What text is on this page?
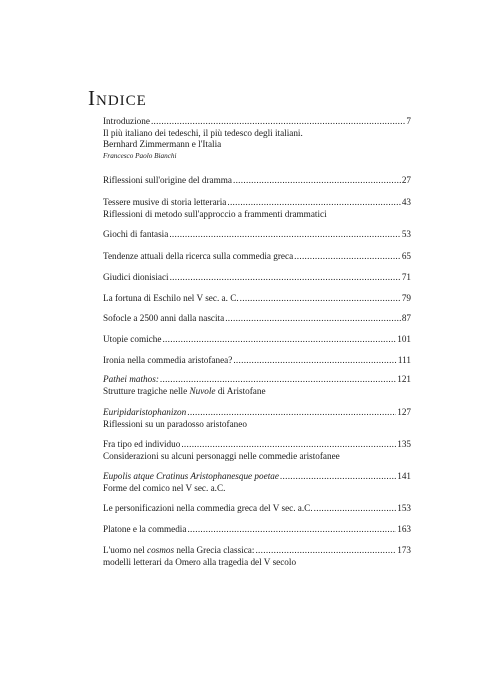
Indice
Introduzione .....	7
Il più italiano dei tedeschi, il più tedesco degli italiani.
Bernhard Zimmermann e l'Italia
Francesco Paolo Bianchi
Riflessioni sull'origine del dramma .....	27
Tessere musive di storia letteraria .....	43
Riflessioni di metodo sull'approccio a frammenti drammatici
Giochi di fantasia .....	53
Tendenze attuali della ricerca sulla commedia greca .....	65
Giudici dionisiaci .....	71
La fortuna di Eschilo nel V sec. a. C. .....	79
Sofocle a 2500 anni dalla nascita .....	87
Utopie comiche .....	101
Ironia nella commedia aristofanea? .....	111
Pathei mathos: .....	121
Strutture tragiche nelle Nuvole di Aristofane
Euripidaristophanizon .....	127
Riflessioni su un paradosso aristofaneo
Fra tipo ed individuo .....	135
Considerazioni su alcuni personaggi nelle commedie aristofanee
Eupolis atque Cratinus Aristophanesque poetae .....	141
Forme del comico nel V sec. a.C.
Le personificazioni nella commedia greca del V sec. a.C. .....	153
Platone e la commedia .....	163
L'uomo nel cosmos nella Grecia classica: .....	173
modelli letterari da Omero alla tragedia del V secolo
